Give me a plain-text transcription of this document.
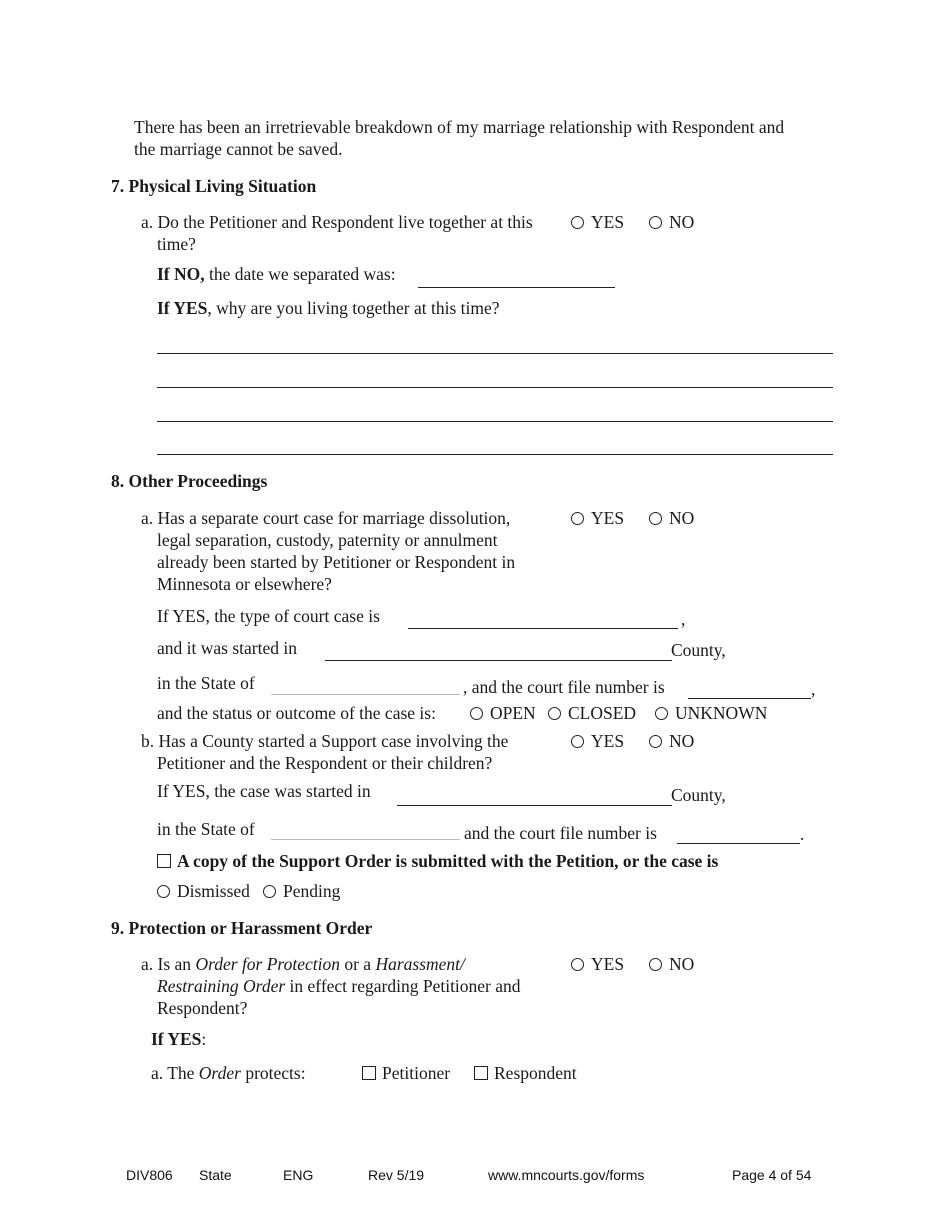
There has been an irretrievable breakdown of my marriage relationship with Respondent and
the marriage cannot be saved.
7. Physical Living Situation
a. Do the Petitioner and Respondent live together at this
time?
YES	NO
If NO, the date we separated was:
If YES, why are you living together at this time?
8. Other Proceedings
a. Has a separate court case for marriage dissolution,
legal separation, custody, paternity or annulment
already been started by Petitioner or Respondent in
Minnesota or elsewhere?
YES	NO
If YES, the type of court case is	,
and it was started in	County,
in the State of	, and the court file number is	,
and the status or outcome of the case is:	OPEN	CLOSED	UNKNOWN
b. Has a County started a Support case involving the
Petitioner and the Respondent or their children?
YES	NO
If YES, the case was started in	County,
in the State of	and the court file number is	.
A copy of the Support Order is submitted with the Petition, or the case is
Dismissed	Pending
9. Protection or Harassment Order
a. Is an Order for Protection or a Harassment/
Restraining Order in effect regarding Petitioner and
Respondent?
YES	NO
If YES:
a. The Order protects:	Petitioner	Respondent
DIV806 State	ENG	Rev 5/19	www.mncourts.gov/forms	Page 4 of 54
